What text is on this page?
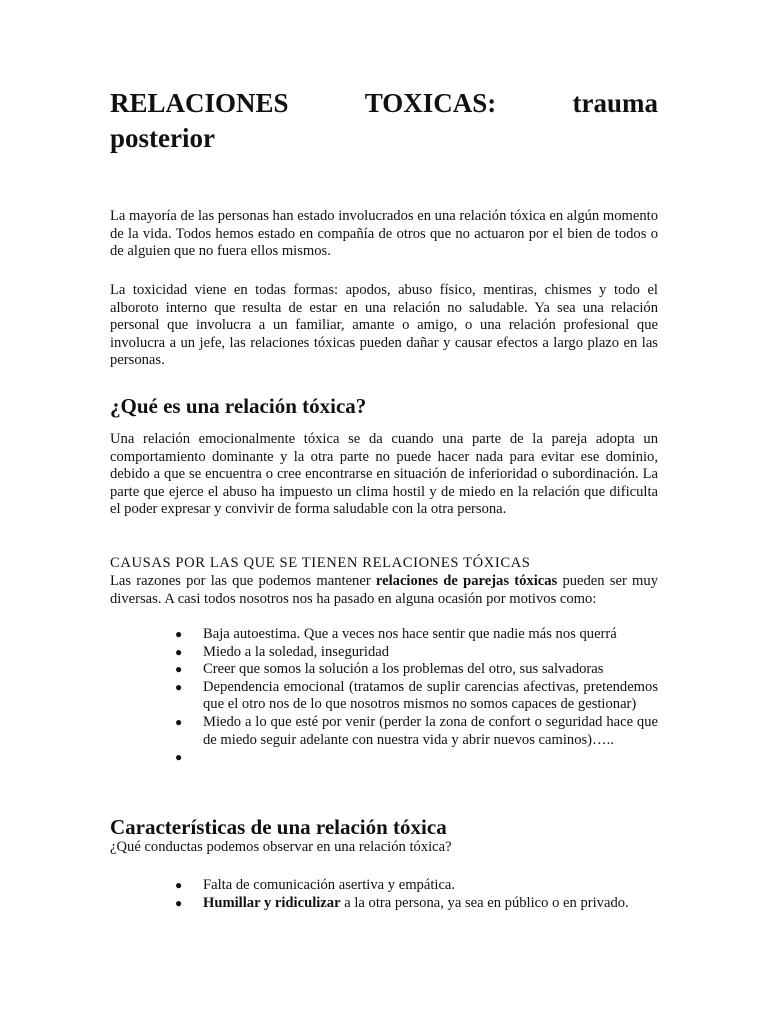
RELACIONES	TOXICAS:	trauma
posterior

La mayoría de las personas han estado involucrados en una relación tóxica en algún momento de la vida. Todos hemos estado en compañía de otros que no actuaron por el bien de todos o de alguien que no fuera ellos mismos.

La toxicidad viene en todas formas: apodos, abuso físico, mentiras, chismes y todo el alboroto interno que resulta de estar en una relación no saludable. Ya sea una relación personal que involucra a un familiar, amante o amigo, o una relación profesional que involucra a un jefe, las relaciones tóxicas pueden dañar y causar efectos a largo plazo en las personas.

¿Qué es una relación tóxica?

Una relación emocionalmente tóxica se da cuando una parte de la pareja adopta un comportamiento dominante y la otra parte no puede hacer nada para evitar ese dominio, debido a que se encuentra o cree encontrarse en situación de inferioridad o subordinación. La parte que ejerce el abuso ha impuesto un clima hostil y de miedo en la relación que dificulta el poder expresar y convivir de forma saludable con la otra persona.

CAUSAS POR LAS QUE SE TIENEN RELACIONES TÓXICAS

Las razones por las que podemos mantener relaciones de parejas tóxicas pueden ser muy diversas. A casi todos nosotros nos ha pasado en alguna ocasión por motivos como:

● Baja autoestima. Que a veces nos hace sentir que nadie más nos querrá
● Miedo a la soledad, inseguridad
● Creer que somos la solución a los problemas del otro, sus salvadoras
● Dependencia emocional (tratamos de suplir carencias afectivas, pretendemos que el otro nos de lo que nosotros mismos no somos capaces de gestionar)
● Miedo a lo que esté por venir (perder la zona de confort o seguridad hace que de miedo seguir adelante con nuestra vida y abrir nuevos caminos)…..
●
Características de una relación tóxica

¿Qué conductas podemos observar en una relación tóxica?

● Falta de comunicación asertiva y empática.
● Humillar y ridiculizar a la otra persona, ya sea en público o en privado.
